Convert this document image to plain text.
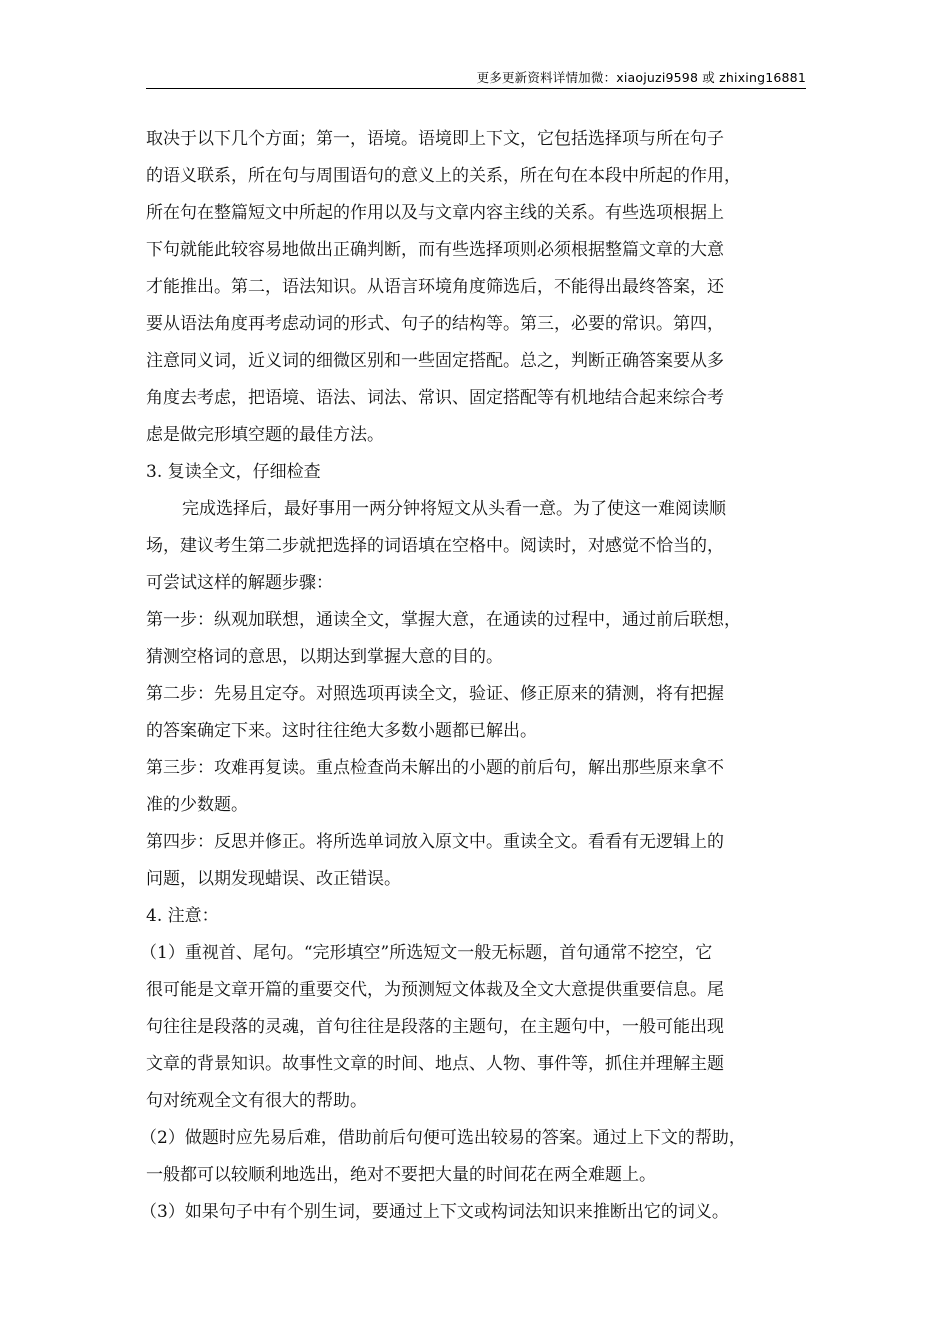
更多更新资料详情加微：xiaojuzi9598 或 zhixing16881
取决于以下几个方面；第一，语境。语境即上下文，它包括选择项与所在句子
的语义联系，所在句与周围语句的意义上的关系，所在句在本段中所起的作用，
所在句在整篇短文中所起的作用以及与文章内容主线的关系。有些选项根据上
下句就能此较容易地做出正确判断，而有些选择项则必须根据整篇文章的大意
才能推出。第二，语法知识。从语言环境角度筛选后，不能得出最终答案，还
要从语法角度再考虑动词的形式、句子的结构等。第三，必要的常识。第四，
注意同义词，近义词的细微区别和一些固定搭配。总之，判断正确答案要从多
角度去考虑，把语境、语法、词法、常识、固定搭配等有机地结合起来综合考
虑是做完形填空题的最佳方法。
3. 复读全文，仔细检查
完成选择后，最好事用一两分钟将短文从头看一意。为了使这一难阅读顺
场，建议考生第二步就把选择的词语填在空格中。阅读时，对感觉不恰当的，
可尝试这样的解题步骤：
第一步：纵观加联想，通读全文，掌握大意，在通读的过程中，通过前后联想，
猜测空格词的意思，以期达到掌握大意的目的。
第二步：先易且定夺。对照选项再读全文，验证、修正原来的猜测，将有把握
的答案确定下来。这时往往绝大多数小题都已解出。
第三步：攻难再复读。重点检查尚未解出的小题的前后句，解出那些原来拿不
准的少数题。
第四步：反思并修正。将所选单词放入原文中。重读全文。看看有无逻辑上的
问题，以期发现蜡误、改正错误。
4. 注意：
（1）重视首、尾句。“完形填空”所选短文一般无标题，首句通常不挖空，它
很可能是文章开篇的重要交代，为预测短文体裁及全文大意提供重要信息。尾
句往往是段落的灵魂，首句往往是段落的主题句，在主题句中，一般可能出现
文章的背景知识。故事性文章的时间、地点、人物、事件等，抓住并理解主题
句对统观全文有很大的帮助。
（2）做题时应先易后难，借助前后句便可选出较易的答案。通过上下文的帮助，
一般都可以较顺利地选出，绝对不要把大量的时间花在两全难题上。
（3）如果句子中有个别生词，要通过上下文或构词法知识来推断出它的词义。
